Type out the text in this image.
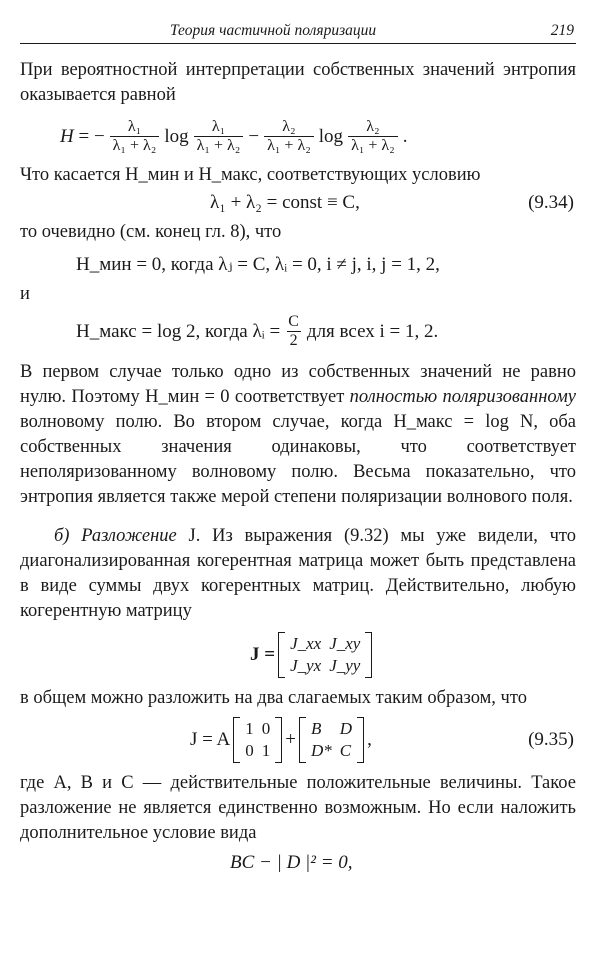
Теория частичной поляризации	219

При вероятностной интерпретации собственных значений энтропия оказывается равной

H
= − $\frac{\text{λ₁}}{\text{λ₁ + λ₂}}$ $\log \frac{\text{λ₁}}{\text{λ₁ + λ₂}} - \frac{\text{λ₂}}{\text{λ₁ + λ₂}}$ $\log \frac{\text{λ₂}}{\text{λ₁ + λ₂}}$ .

Что касается H_мин и H_макс, соответствующих условию

λ₁ + λ₂ = const ≡ C,	(9.34)

то очевидно (см. конец гл. 8), что

H_мин = 0, когда λⱼ = C, λᵢ = 0, i ≠ j, i, j = 1, 2,

и

H_макс = log 2, когда λᵢ = $\frac{C}{2}$ для всех i = 1, 2.

В первом случае только одно из собственных значений не равно нулю. Поэтому H_мин = 0 соответствует полностью поляризованному волновому полю. Во втором случае, когда H_макс = log N, оба собственных значения одинаковы, что соответствует неполяризованному волновому полю. Весьма показательно, что энтропия является также мерой степени поляризации волнового поля.

б) Разложение J. Из выражения (9.32) мы уже видели, что диагонализированная когерентная матрица может быть представлена в виде суммы двух когерентных матриц. Действительно, любую когерентную матрицу

J =
J_xx J_xy
J_yx J_yy

в общем можно разложить на два слагаемых таким образом, что

J = A
1 0
0 1
+
B	D
D* C
,	(9.35)

где A, B и C — действительные положительные величины. Такое разложение не является единственно возможным. Но если наложить дополнительное условие вида

BC − | D |² = 0,
